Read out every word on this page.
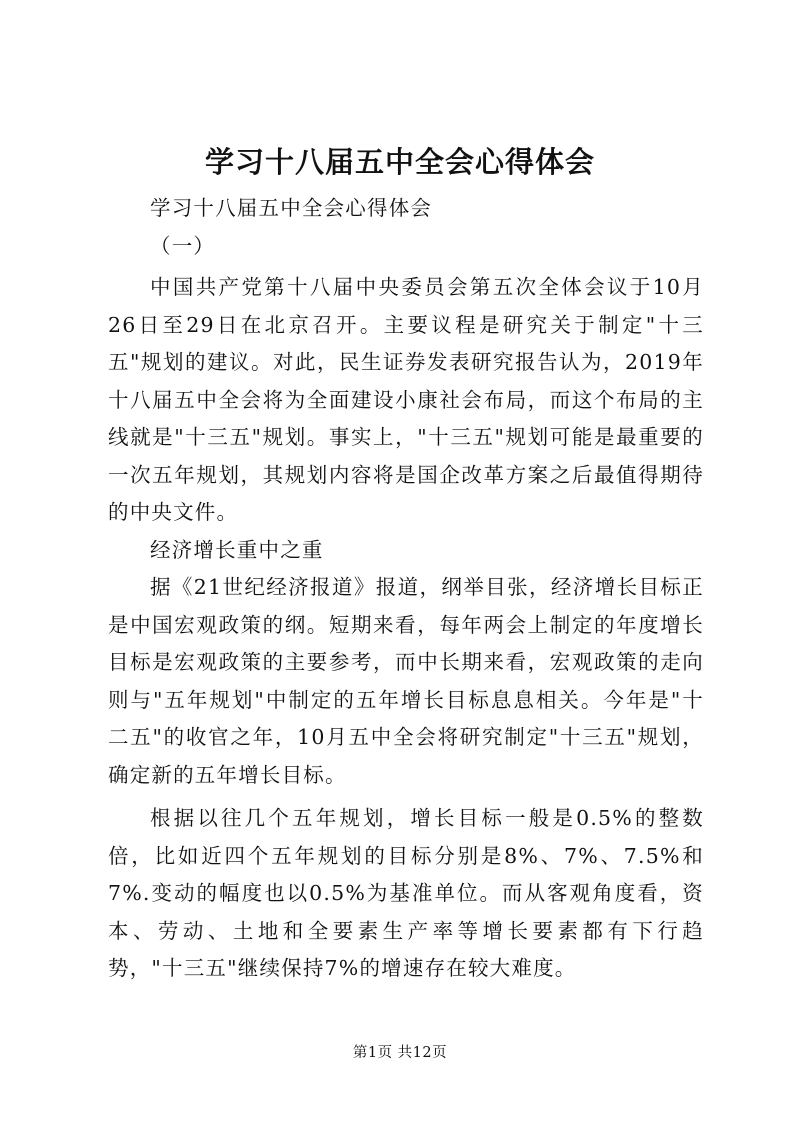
学习十八届五中全会心得体会

学习十八届五中全会心得体会

（一）

中国共产党第十八届中央委员会第五次全体会议于10月26日至29日在北京召开。主要议程是研究关于制定"十三五"规划的建议。对此，民生证券发表研究报告认为，2019年十八届五中全会将为全面建设小康社会布局，而这个布局的主线就是"十三五"规划。事实上，"十三五"规划可能是最重要的一次五年规划，其规划内容将是国企改革方案之后最值得期待的中央文件。

经济增长重中之重

据《21世纪经济报道》报道，纲举目张，经济增长目标正是中国宏观政策的纲。短期来看，每年两会上制定的年度增长目标是宏观政策的主要参考，而中长期来看，宏观政策的走向则与"五年规划"中制定的五年增长目标息息相关。今年是"十二五"的收官之年，10月五中全会将研究制定"十三五"规划，确定新的五年增长目标。

根据以往几个五年规划，增长目标一般是0.5%的整数倍，比如近四个五年规划的目标分别是8%、7%、7.5%和7%.变动的幅度也以0.5%为基准单位。而从客观角度看，资本、劳动、土地和全要素生产率等增长要素都有下行趋势，"十三五"继续保持7%的增速存在较大难度。

第1页 共12页
